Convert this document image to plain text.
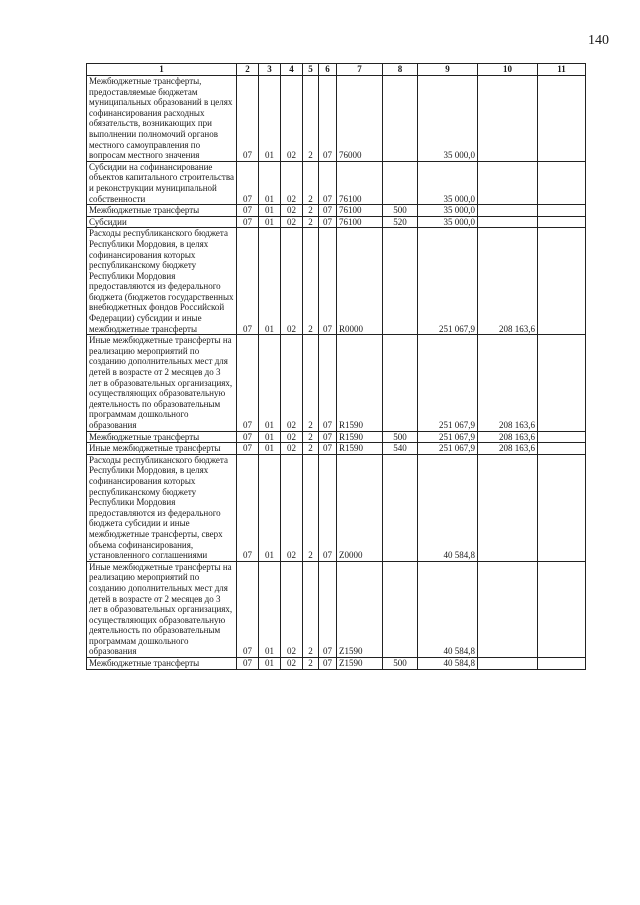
140
1	2	3	4	5	6	7	8	9	10	11
Межбюджетные трансферты, предоставляемые бюджетам муниципальных образований в целях софинансирования расходных обязательств, возникающих при выполнении полномочий органов местного самоуправления по вопросам местного значения	07	01	02	2	07	76000		35 000,0		
Субсидии на софинансирование объектов капитального строительства и реконструкции муниципальной собственности	07	01	02	2	07	76100		35 000,0		
Межбюджетные трансферты	07	01	02	2	07	76100	500	35 000,0		
Субсидии	07	01	02	2	07	76100	520	35 000,0		
Расходы республиканского бюджета Республики Мордовия, в целях софинансирования которых республиканскому бюджету Республики Мордовия предоставляются из федерального бюджета (бюджетов государственных внебюджетных фондов Российской Федерации) субсидии и иные межбюджетные трансферты	07	01	02	2	07	R0000		251 067,9	208 163,6	
Иные межбюджетные трансферты на реализацию мероприятий по созданию дополнительных мест для детей в возрасте от 2 месяцев до 3 лет в образовательных организациях, осуществляющих образовательную деятельность по образовательным программам дошкольного образования	07	01	02	2	07	R1590		251 067,9	208 163,6	
Межбюджетные трансферты	07	01	02	2	07	R1590	500	251 067,9	208 163,6	
Иные межбюджетные трансферты	07	01	02	2	07	R1590	540	251 067,9	208 163,6	
Расходы республиканского бюджета Республики Мордовия, в целях софинансирования которых республиканскому бюджету Республики Мордовия предоставляются из федерального бюджета субсидии и иные межбюджетные трансферты, сверх объема софинансирования, установленного соглашениями	07	01	02	2	07	Z0000		40 584,8		
Иные межбюджетные трансферты на реализацию мероприятий по созданию дополнительных мест для детей в возрасте от 2 месяцев до 3 лет в образовательных организациях, осуществляющих образовательную деятельность по образовательным программам дошкольного образования	07	01	02	2	07	Z1590		40 584,8		
Межбюджетные трансферты	07	01	02	2	07	Z1590	500	40 584,8		
